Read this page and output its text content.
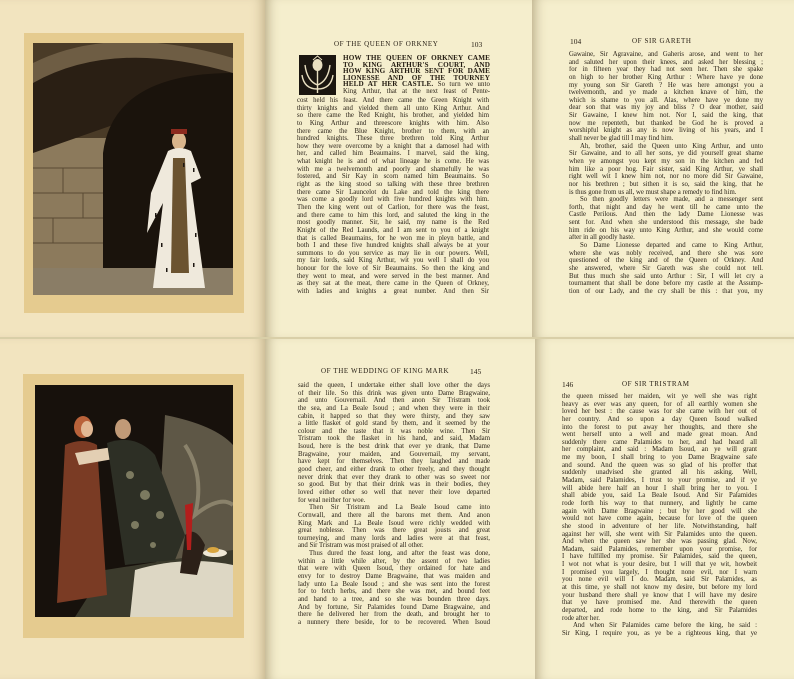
OF THE QUEEN OF ORKNEY	103
HOW THE QUEEN OF ORKNEY CAME
TO KING ARTHUR'S COURT, AND
HOW KING ARTHUR SENT FOR DAME
LIONESSE AND OF THE TOURNEY
HELD AT HER CASTLE. So turn we unto
King Arthur, that at the next feast of Pente-
cost held his feast. And there came the Green Knight with
thirty knights and yielded them all unto King Arthur. And
so there came the Red Knight, his brother, and yielded him
to King Arthur and threescore knights with him. Also
there came the Blue Knight, brother to them, with an
hundred knights. These three brethren told King Arthur
how they were overcome by a knight that a damosel had with
her, and called him Beaumains. I marvel, said the king,
what knight he is and of what lineage he is come. He was
with me a twelvemonth and poorly and shamefully he was
fostered, and Sir Kay in scorn named him Beaumains. So
right as the king stood so talking with these three brethren
there came Sir Launcelot du Lake and told the king there
was come a goodly lord with five hundred knights with him.
Then the king went out of Carlion, for there was the feast,
and there came to him this lord, and saluted the king in the
most goodly manner. Sir, he said, my name is the Red
Knight of the Red Launds, and I am sent to you of a knight
that is called Beaumains, for he won me in pleyn battle, and
both I and these five hundred knights shall always be at your
summons to do you service as may lie in our powers. Well,
my fair lords, said King Arthur, wit you well I shall do you
honour for the love of Sir Beaumains. So then the king and
they went to meat, and were served in the best manner. And
as they sat at the meat, there came in the Queen of Orkney,
with ladies and knights a great number. And then Sir
104	OF SIR GARETH
Gawaine, Sir Agravaine, and Gaheris arose, and went to her
and saluted her upon their knees, and asked her blessing ;
for in fifteen year they had not seen her. Then she spake
on high to her brother King Arthur : Where have ye done
my young son Sir Gareth ? He was here amongst you a
twelvemonth, and ye made a kitchen knave of him, the
which is shame to you all. Alas, where have ye done my
dear son that was my joy and bliss ? O dear mother, said
Sir Gawaine, I knew him not. Nor I, said the king, that
now me repenteth, but thanked be God he is proved a
worshipful knight as any is now living of his years, and I
shall never be glad till I may find him.
Ah, brother, said the Queen unto King Arthur, and unto
Sir Gawaine, and to all her sons, ye did yourself great shame
when ye amongst you kept my son in the kitchen and fed
him like a poor hog. Fair sister, said King Arthur, ye shall
right well wit I knew him not, nor no more did Sir Gawaine,
nor his brethren ; but sithen it is so, said the king, that he
is thus gone from us all, we must shape a remedy to find him.
So then goodly letters were made, and a messenger sent
forth, that night and day he went till he came unto the
Castle Perilous. And then the lady Dame Lionesse was
sent for. And when she understood this message, she bade
him ride on his way unto King Arthur, and she would come
after in all goodly haste.
So Dame Lionesse departed and came to King Arthur,
where she was nobly received, and there she was sore
questioned of the king and of the Queen of Orkney. And
she answered, where Sir Gareth was she could not tell.
But thus much she said unto Arthur : Sir, I will let cry a
tournament that shall be done before my castle at the Assump-
tion of our Lady, and the cry shall be this : that you, my
OF THE WEDDING OF KING MARK	145
said the queen, I undertake either shall love other the days
of their life. So this drink was given unto Dame Bragwaine,
and unto Gouvernail. And then anon Sir Tristram took
the sea, and La Beale Isoud ; and when they were in their
cabin, it happed so that they were thirsty, and they saw
a little flasket of gold stand by them, and it seemed by the
colour and the taste that it was noble wine. Then Sir
Tristram took the flasket in his hand, and said, Madam
Isoud, here is the best drink that ever ye drank, that Dame
Bragwaine, your maiden, and Gouvernail, my servant,
have kept for themselves. Then they laughed and made
good cheer, and either drank to other freely, and they thought
never drink that ever they drank to other was so sweet nor
so good. But by that their drink was in their bodies, they
loved either other so well that never their love departed
for weal neither for woe.
Then Sir Tristram and La Beale Isoud came into
Cornwall, and there all the barons met them. And anon
King Mark and La Beale Isoud were richly wedded with
great noblesse. Then was there great jousts and great
tourneying, and many lords and ladies were at that feast,
and Sir Tristram was most praised of all other.
Thus dured the feast long, and after the feast was done,
within a little while after, by the assent of two ladies
that were with Queen Isoud, they ordained for hate and
envy for to destroy Dame Bragwaine, that was maiden and
lady unto La Beale Isoud ; and she was sent into the forest
for to fetch herbs, and there she was met, and bound feet
and hand to a tree, and so she was bounden three days.
And by fortune, Sir Palamides found Dame Bragwaine, and
there he delivered her from the death, and brought her to
a nunnery there beside, for to be recovered. When Isoud
146	OF SIR TRISTRAM
the queen missed her maiden, wit ye well she was right
heavy as ever was any queen, for of all earthly women she
loved her best : the cause was for she came with her out of
her country. And so upon a day Queen Isoud walked
into the forest to put away her thoughts, and there she
went herself unto a well and made great moan. And
suddenly there came Palamides to her, and had heard all
her complaint, and said : Madam Isoud, an ye will grant
me my boon, I shall bring to you Dame Bragwaine safe
and sound. And the queen was so glad of his proffer that
suddenly unadvised she granted all his asking. Well,
Madam, said Palamides, I trust to your promise, and if ye
will abide here half an hour I shall bring her to you. I
shall abide you, said La Beale Isoud. And Sir Palamides
rode forth his way to that nunnery, and lightly he came
again with Dame Bragwaine ; but by her good will she
would not have come again, because for love of the queen
she stood in adventure of her life. Notwithstanding, half
against her will, she went with Sir Palamides unto the queen.
And when the queen saw her she was passing glad. Now,
Madam, said Palamides, remember upon your promise, for
I have fulfilled my promise. Sir Palamides, said the queen,
I wot not what is your desire, but I will that ye wit, howbeit
I promised you largely, I thought none evil, nor I warn
you none evil will I do. Madam, said Sir Palamides, as
at this time, ye shall not know my desire, but before my lord
your husband there shall ye know that I will have my desire
that ye have promised me. And therewith the queen
departed, and rode home to the king, and Sir Palamides
rode after her.
And when Sir Palamides came before the king, he said :
Sir King, I require you, as ye be a righteous king, that ye
